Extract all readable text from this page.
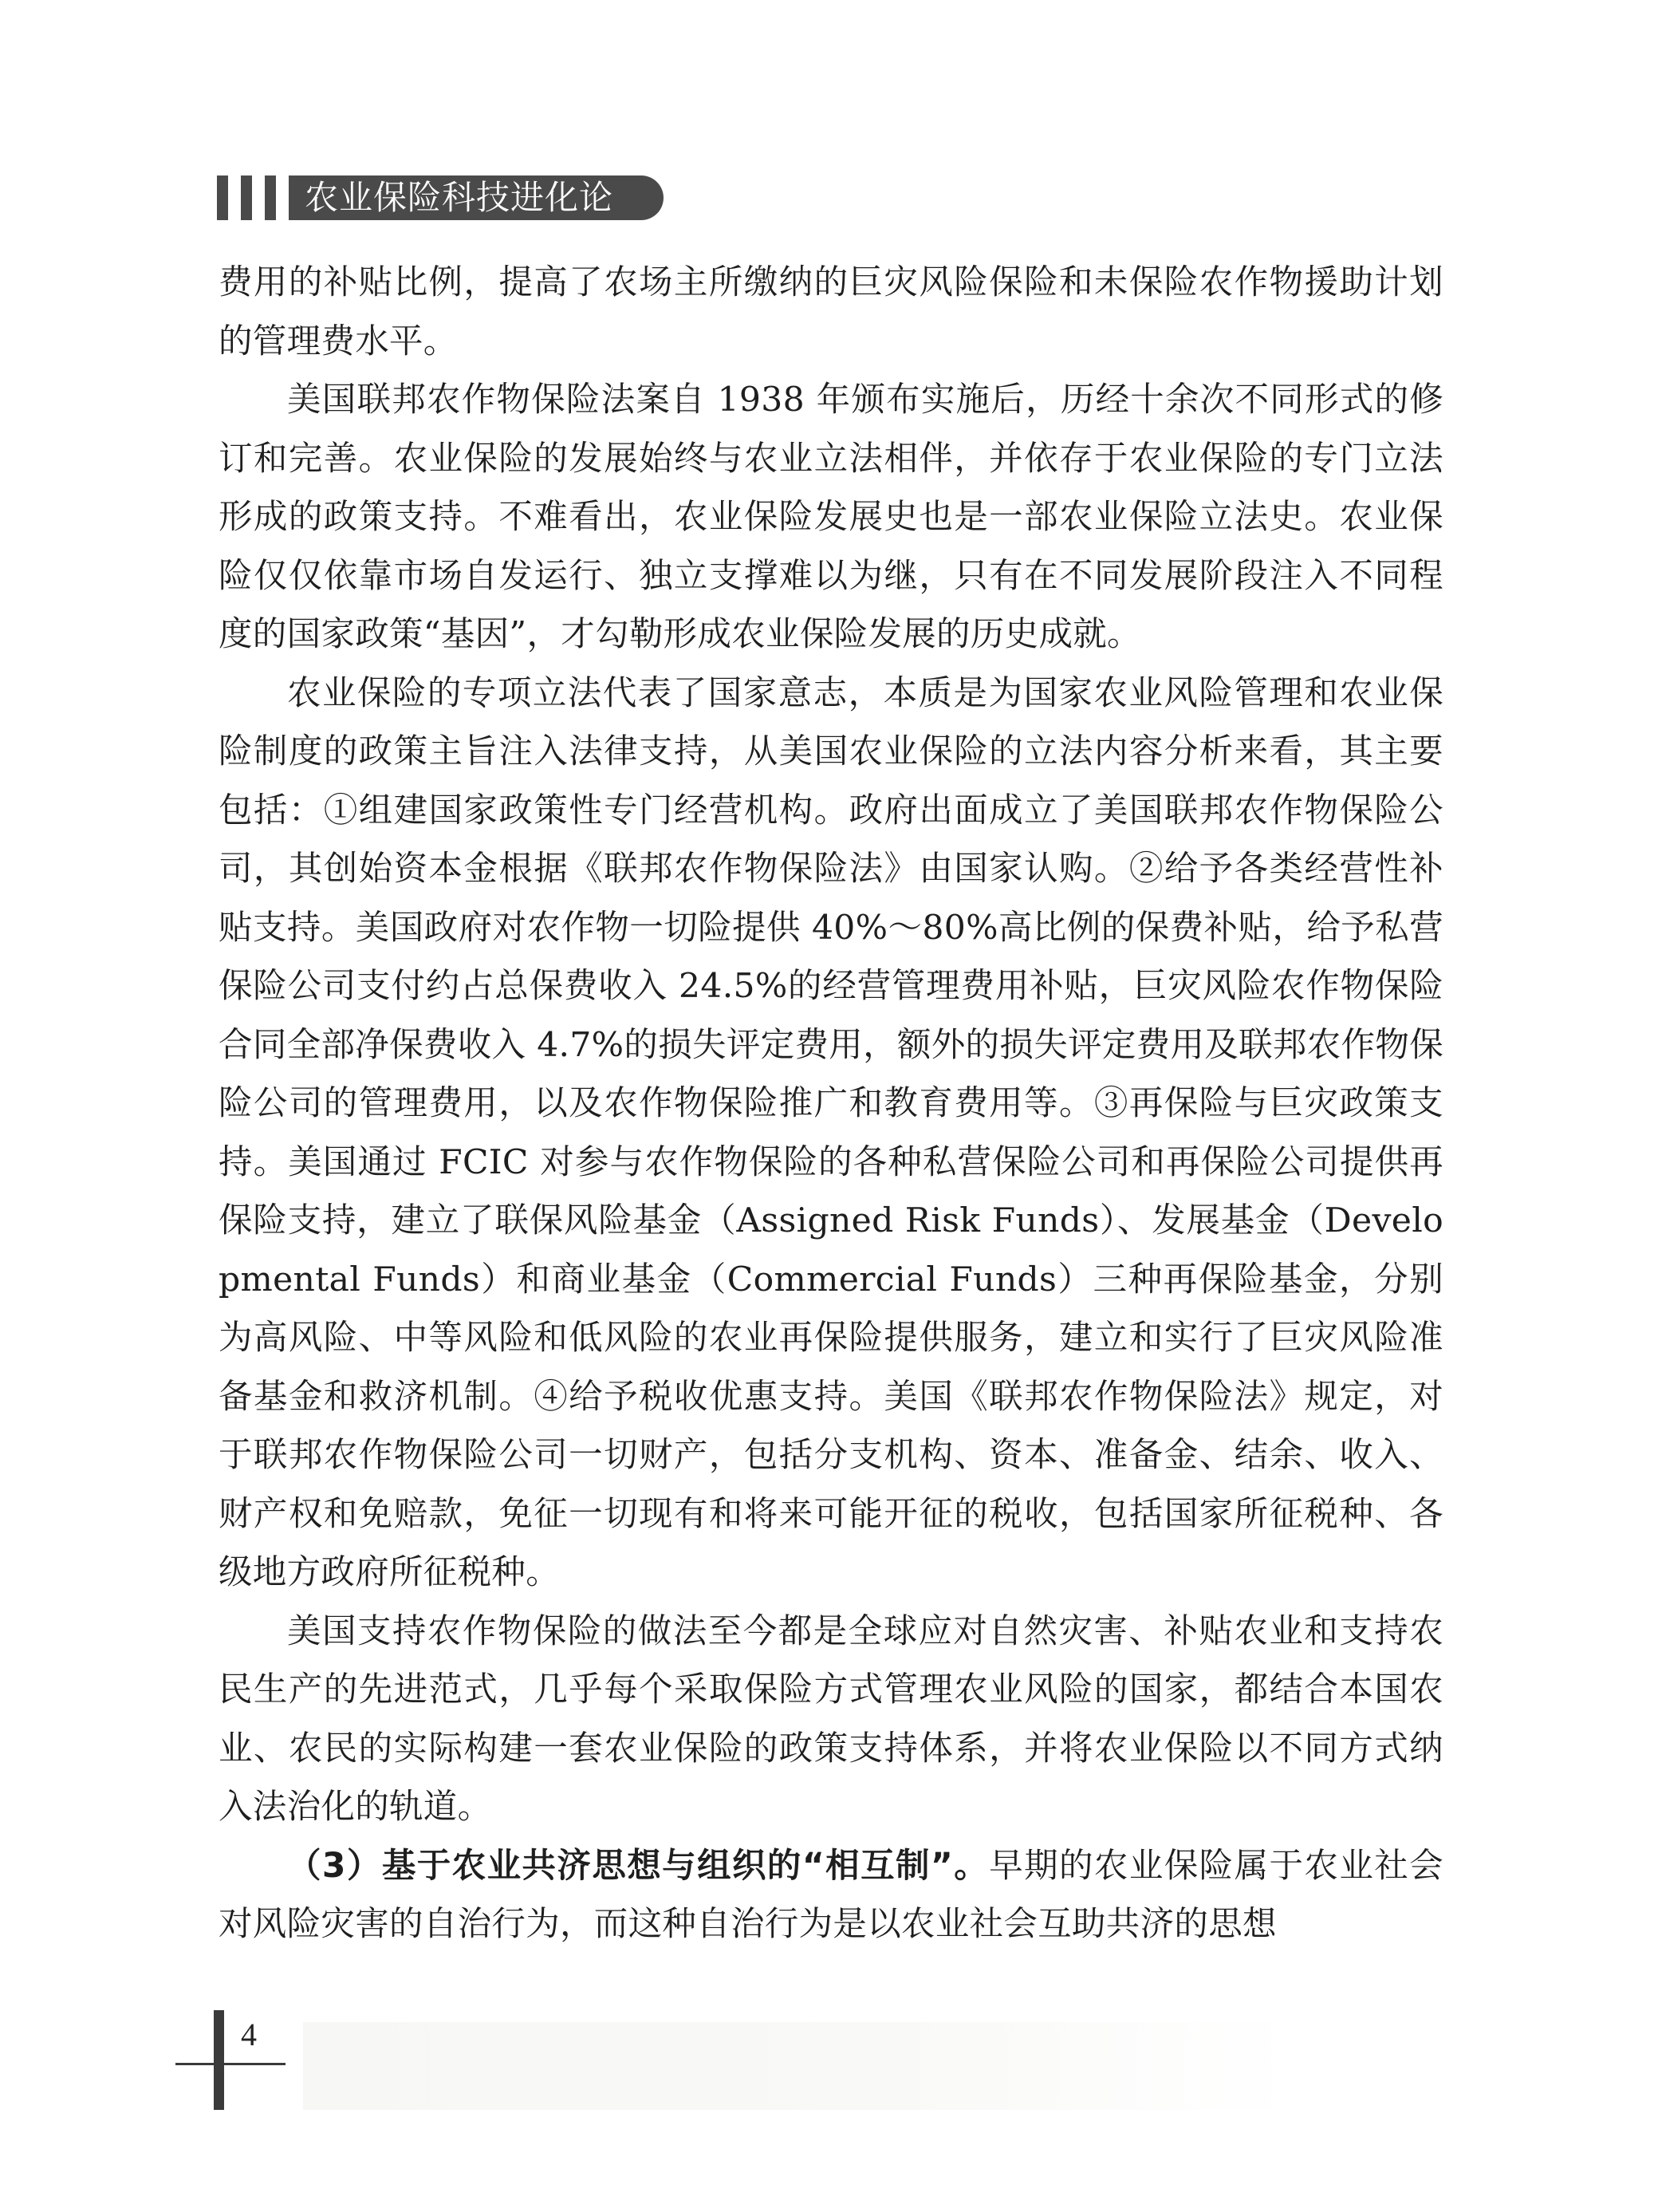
农业保险科技进化论

费用的补贴比例，提高了农场主所缴纳的巨灾风险保险和未保险农作物援助计划的管理费水平。

美国联邦农作物保险法案自 1938 年颁布实施后，历经十余次不同形式的修订和完善。农业保险的发展始终与农业立法相伴，并依存于农业保险的专门立法形成的政策支持。不难看出，农业保险发展史也是一部农业保险立法史。农业保险仅仅依靠市场自发运行、独立支撑难以为继，只有在不同发展阶段注入不同程度的国家政策“基因”，才勾勒形成农业保险发展的历史成就。

农业保险的专项立法代表了国家意志，本质是为国家农业风险管理和农业保险制度的政策主旨注入法律支持，从美国农业保险的立法内容分析来看，其主要包括：①组建国家政策性专门经营机构。政府出面成立了美国联邦农作物保险公司，其创始资本金根据《联邦农作物保险法》由国家认购。②给予各类经营性补贴支持。美国政府对农作物一切险提供 40%～80%高比例的保费补贴，给予私营保险公司支付约占总保费收入 24.5%的经营管理费用补贴，巨灾风险农作物保险合同全部净保费收入 4.7%的损失评定费用，额外的损失评定费用及联邦农作物保险公司的管理费用，以及农作物保险推广和教育费用等。③再保险与巨灾政策支持。美国通过 FCIC 对参与农作物保险的各种私营保险公司和再保险公司提供再保险支持，建立了联保风险基金（Assigned Risk Funds）、发展基金（Developmental Funds）和商业基金（Commercial Funds）三种再保险基金，分别为高风险、中等风险和低风险的农业再保险提供服务，建立和实行了巨灾风险准备基金和救济机制。④给予税收优惠支持。美国《联邦农作物保险法》规定，对于联邦农作物保险公司一切财产，包括分支机构、资本、准备金、结余、收入、财产权和免赔款，免征一切现有和将来可能开征的税收，包括国家所征税种、各级地方政府所征税种。

美国支持农作物保险的做法至今都是全球应对自然灾害、补贴农业和支持农民生产的先进范式，几乎每个采取保险方式管理农业风险的国家，都结合本国农业、农民的实际构建一套农业保险的政策支持体系，并将农业保险以不同方式纳入法治化的轨道。

（3）基于农业共济思想与组织的“相互制”。早期的农业保险属于农业社会对风险灾害的自治行为，而这种自治行为是以农业社会互助共济的思想

4
